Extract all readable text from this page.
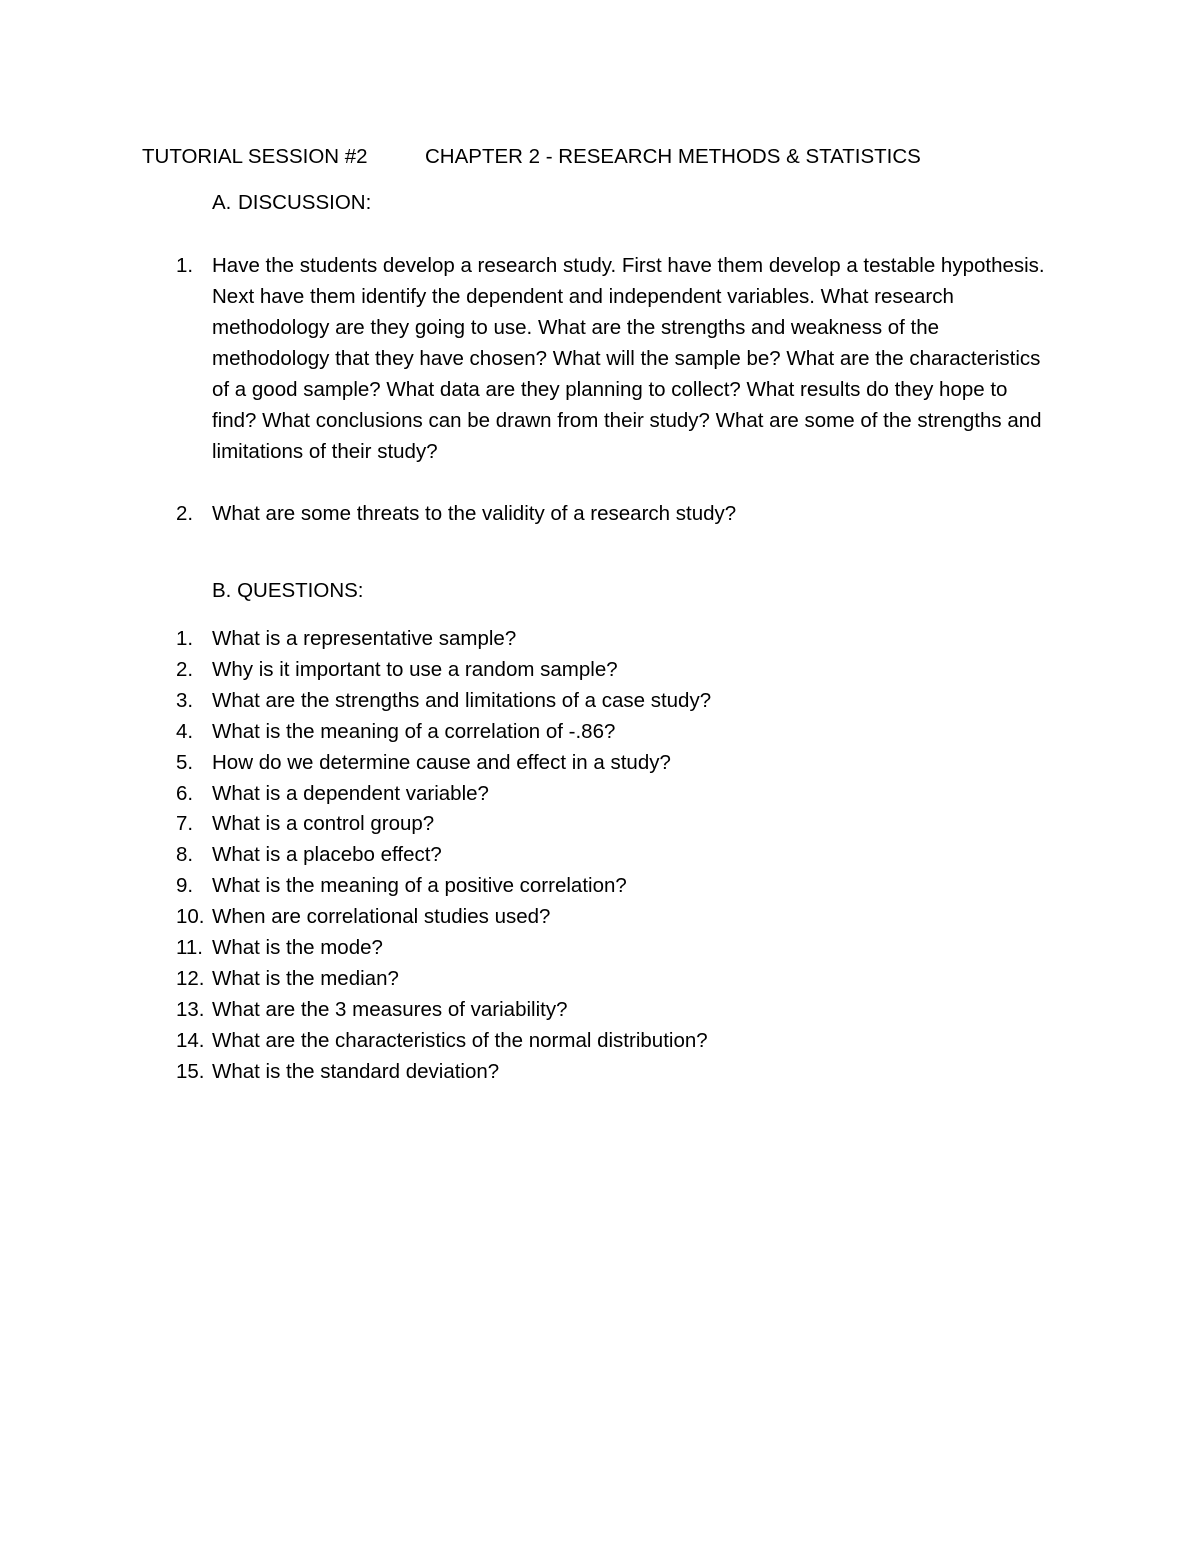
TUTORIAL SESSION #2	CHAPTER 2 - RESEARCH METHODS & STATISTICS
A. DISCUSSION:
1. Have the students develop a research study. First have them develop a testable hypothesis. Next have them identify the dependent and independent variables. What research methodology are they going to use. What are the strengths and weakness of the methodology that they have chosen? What will the sample be? What are the characteristics of a good sample? What data are they planning to collect? What results do they hope to find? What conclusions can be drawn from their study? What are some of the strengths and limitations of their study?
2. What are some threats to the validity of a research study?
B. QUESTIONS:
1. What is a representative sample?
2. Why is it important to use a random sample?
3. What are the strengths and limitations of a case study?
4. What is the meaning of a correlation of -.86?
5. How do we determine cause and effect in a study?
6. What is a dependent variable?
7. What is a control group?
8. What is a placebo effect?
9. What is the meaning of a positive correlation?
10. When are correlational studies used?
11. What is the mode?
12. What is the median?
13. What are the 3 measures of variability?
14. What are the characteristics of the normal distribution?
15. What is the standard deviation?
